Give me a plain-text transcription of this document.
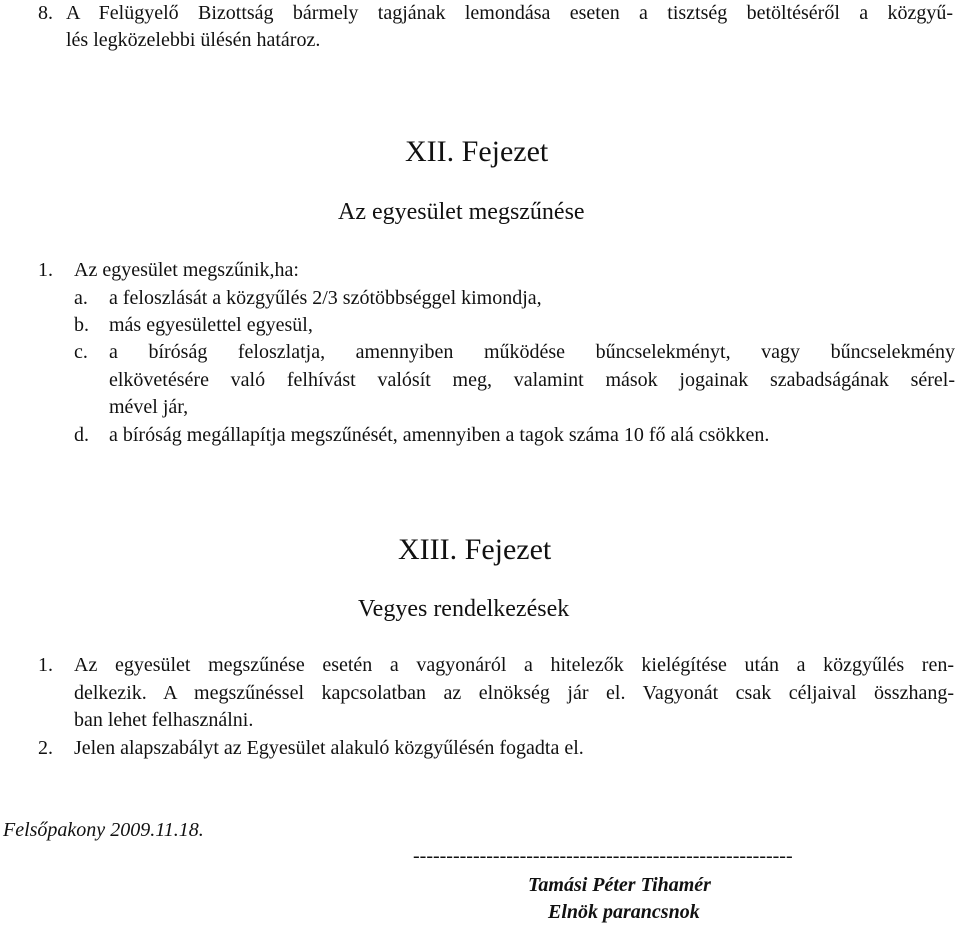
8. A Felügyelő Bizottság bármely tagjának lemondása eseten a tisztség betöltéséről a közgyű-
lés legközelebbi ülésén határoz.
XII. Fejezet
Az egyesület megszűnése
1. Az egyesület megszűnik,ha:
a. a feloszlását a közgyűlés 2/3 szótöbbséggel kimondja,
b. más egyesülettel egyesül,
c. a bíróság feloszlatja, amennyiben működése bűncselekményt, vagy bűncselekmény
elkövetésére való felhívást valósít meg, valamint mások jogainak szabadságának sérel-
mével jár,
d. a bíróság megállapítja megszűnését, amennyiben a tagok száma 10 fő alá csökken.
XIII. Fejezet
Vegyes rendelkezések
1. Az egyesület megszűnése esetén a vagyonáról a hitelezők kielégítése után a közgyűlés ren-
delkezik. A megszűnéssel kapcsolatban az elnökség jár el. Vagyonát csak céljaival összhang-
ban lehet felhasználni.
2. Jelen alapszabályt az Egyesület alakuló közgyűlésén fogadta el.
Felsőpakony 2009.11.18.
---------------------------------------------------------
Tamási Péter Tihamér
Elnök parancsnok
